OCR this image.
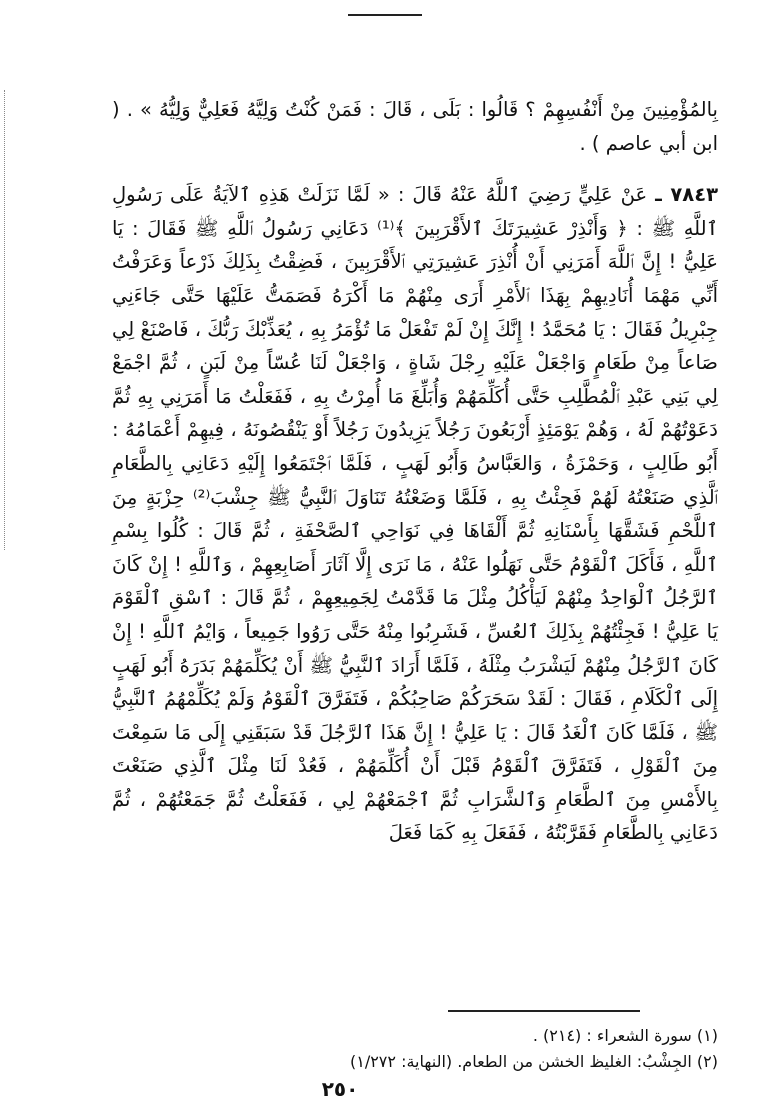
بِالمُؤْمِنِينَ مِنْ أَنْفُسِهِمْ ؟ قَالُوا : بَلَى ، قَالَ : فَمَنْ كُنْتُ وَلِيَّهُ فَعَلِيٌّ وَلِيُّهُ » . ( ابن أبي عاصم ) .

٧٨٤٣ ـ عَنْ عَلِيٍّ رَضِيَ ٱللَّهُ عَنْهُ قَالَ : « لَمَّا نَزَلَتْ هَذِهِ ٱلآيَةُ عَلَى رَسُولِ ٱللَّهِ ﷺ : ﴿ وَأَنْذِرْ عَشِيرَتَكَ ٱلأَقْرَبِينَ ﴾⁽¹⁾ دَعَانِي رَسُولُ ٱللَّهِ ﷺ فَقَالَ : يَا عَلِيُّ ! إِنَّ ٱللَّهَ أَمَرَنِي أَنْ أُنْذِرَ عَشِيرَتِي ٱلأَقْرَبِينَ ، فَضِقْتُ بِذَلِكَ ذَرْعاً وَعَرَفْتُ أَنِّي مَهْمَا أُنَادِيهِمْ بِهَذَا ٱلأَمْرِ أَرَى مِنْهُمْ مَا أَكْرَهُ فَصَمَتُّ عَلَيْهَا حَتَّى جَاءَنِي جِبْرِيلُ فَقَالَ : يَا مُحَمَّدُ ! إِنَّكَ إِنْ لَمْ تَفْعَلْ مَا تُؤْمَرُ بِهِ ، يُعَذِّبْكَ رَبُّكَ ، فَاصْنَعْ لِي صَاعاً مِنْ طَعَامٍ وَاجْعَلْ عَلَيْهِ رِجْلَ شَاةٍ ، وَاجْعَلْ لَنَا عُسّاً مِنْ لَبَنٍ ، ثُمَّ اجْمَعْ لِي بَنِي عَبْدِ ٱلْمُطَّلِبِ حَتَّى أُكَلِّمَهُمْ وَأُبَلِّغَ مَا أُمِرْتُ بِهِ ، فَفَعَلْتُ مَا أَمَرَنِي بِهِ ثُمَّ دَعَوْتُهُمْ لَهُ ، وَهُمْ يَوْمَئِذٍ أَرْبَعُونَ رَجُلاً يَزِيدُونَ رَجُلاً أَوْ يَنْقُصُونَهُ ، فِيهِمْ أَعْمَامُهُ : أَبُو طَالِبٍ ، وَحَمْزَةُ ، وَالعَبَّاسُ وَأَبُو لَهَبٍ ، فَلَمَّا ٱجْتَمَعُوا إِلَيْهِ دَعَانِي بِالطَّعَامِ ٱلَّذِي صَنَعْتُهُ لَهُمْ فَجِئْتُ بِهِ ، فَلَمَّا وَضَعْتُهُ تَنَاوَلَ ٱلنَّبِيُّ ﷺ جِشْبَ⁽²⁾ حِزْبَةٍ مِنَ ٱللَّحْمِ فَشَقَّهَا بِأَسْنَانِهِ ثُمَّ أَلْقَاهَا فِي نَوَاحِي ٱلصَّحْفَةِ ، ثُمَّ قَالَ : كُلُوا بِسْمِ ٱللَّهِ ، فَأَكَلَ ٱلْقَوْمُ حَتَّى نَهَلُوا عَنْهُ ، مَا نَرَى إِلَّا آثَارَ أَصَابِعِهِمْ ، وَٱللَّهِ ! إِنْ كَانَ ٱلرَّجُلُ ٱلْوَاحِدُ مِنْهُمْ لَيَأْكُلُ مِثْلَ مَا قَدَّمْتُ لِجَمِيعِهِمْ ، ثُمَّ قَالَ : ٱسْقِ ٱلْقَوْمَ يَا عَلِيُّ ! فَجِئْتُهُمْ بِذَلِكَ ٱلعُسِّ ، فَشَرِبُوا مِنْهُ حَتَّى رَوُوا جَمِيعاً ، وَايْمُ ٱللَّهِ ! إِنْ كَانَ ٱلرَّجُلُ مِنْهُمْ لَيَشْرَبُ مِثْلَهُ ، فَلَمَّا أَرَادَ ٱلنَّبِيُّ ﷺ أَنْ يُكَلِّمَهُمْ بَدَرَهُ أَبُو لَهَبٍ إِلَى ٱلْكَلَامِ ، فَقَالَ : لَقَدْ سَحَرَكُمْ صَاحِبُكُمْ ، فَتَفَرَّقَ ٱلْقَوْمُ وَلَمْ يُكَلِّمْهُمُ ٱلنَّبِيُّ ﷺ ، فَلَمَّا كَانَ ٱلْغَدُ قَالَ : يَا عَلِيُّ ! إِنَّ هَذَا ٱلرَّجُلَ قَدْ سَبَقَنِي إِلَى مَا سَمِعْتَ مِنَ ٱلْقَوْلِ ، فَتَفَرَّقَ ٱلْقَوْمُ قَبْلَ أَنْ أُكَلِّمَهُمْ ، فَعُدْ لَنَا مِثْلَ ٱلَّذِي صَنَعْتَ بِالأَمْسِ مِنَ ٱلطَّعَامِ وَٱلشَّرَابِ ثُمَّ ٱجْمَعْهُمْ لِي ، فَفَعَلْتُ ثُمَّ جَمَعْتُهُمْ ، ثُمَّ دَعَانِي بِالطَّعَامِ فَقَرَّبْتُهُ ، فَفَعَلَ بِهِ كَمَا فَعَلَ

(١) سورة الشعراء : (٢١٤) .

(٢) الجِشْبُ: الغليظ الخشن من الطعام. (النهاية: ١/٢٧٢)

٢٥٠
